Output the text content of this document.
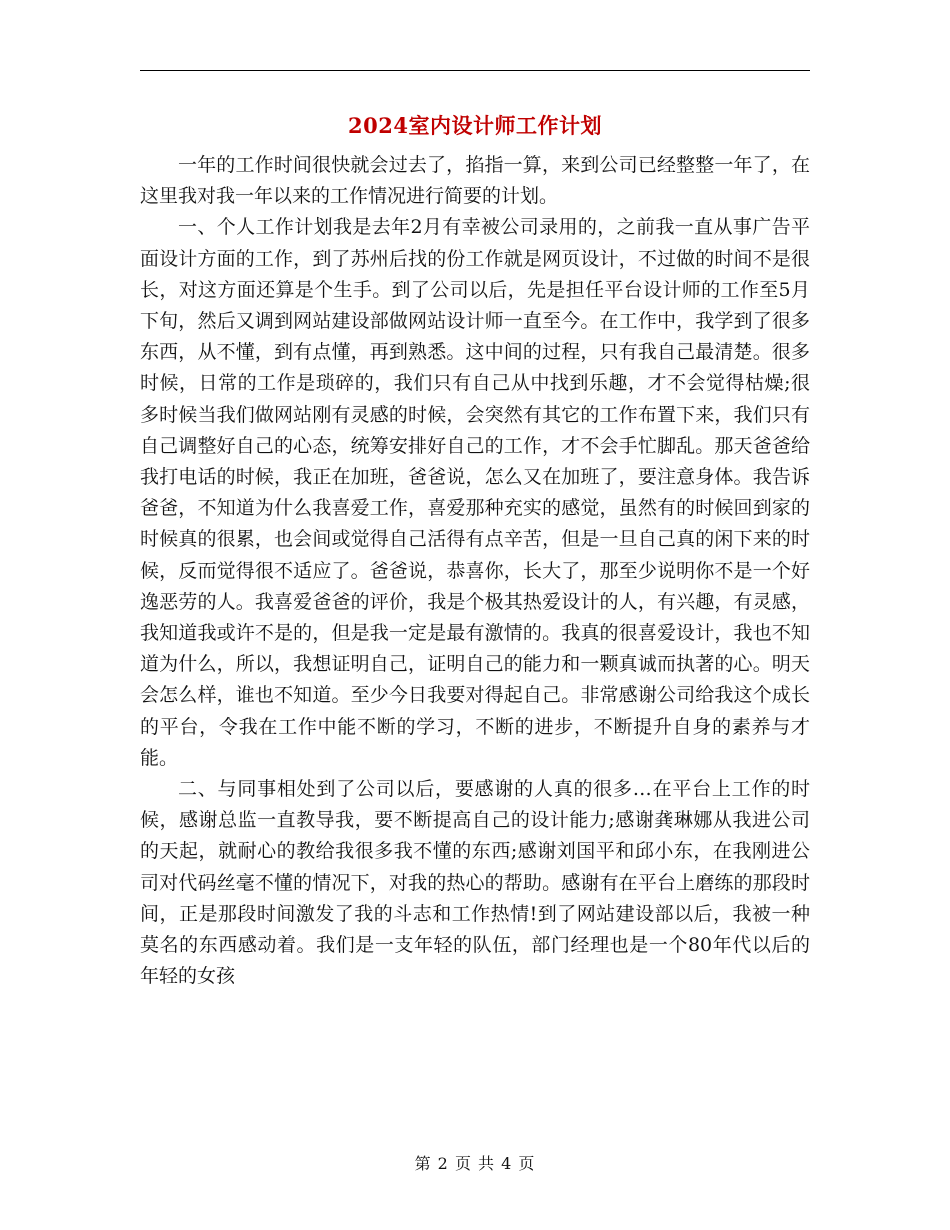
2024室内设计师工作计划

一年的工作时间很快就会过去了，掐指一算，来到公司已经整整一年了，在这里我对我一年以来的工作情况进行简要的计划。

一、个人工作计划我是去年2月有幸被公司录用的，之前我一直从事广告平面设计方面的工作，到了苏州后找的份工作就是网页设计，不过做的时间不是很长，对这方面还算是个生手。到了公司以后，先是担任平台设计师的工作至5月下旬，然后又调到网站建设部做网站设计师一直至今。在工作中，我学到了很多东西，从不懂，到有点懂，再到熟悉。这中间的过程，只有我自己最清楚。很多时候，日常的工作是琐碎的，我们只有自己从中找到乐趣，才不会觉得枯燥;很多时候当我们做网站刚有灵感的时候，会突然有其它的工作布置下来，我们只有自己调整好自己的心态，统筹安排好自己的工作，才不会手忙脚乱。那天爸爸给我打电话的时候，我正在加班，爸爸说，怎么又在加班了，要注意身体。我告诉爸爸，不知道为什么我喜爱工作，喜爱那种充实的感觉，虽然有的时候回到家的时候真的很累，也会间或觉得自己活得有点辛苦，但是一旦自己真的闲下来的时候，反而觉得很不适应了。爸爸说，恭喜你，长大了，那至少说明你不是一个好逸恶劳的人。我喜爱爸爸的评价，我是个极其热爱设计的人，有兴趣，有灵感，我知道我或许不是的，但是我一定是最有激情的。我真的很喜爱设计，我也不知道为什么，所以，我想证明自己，证明自己的能力和一颗真诚而执著的心。明天会怎么样，谁也不知道。至少今日我要对得起自己。非常感谢公司给我这个成长的平台，令我在工作中能不断的学习，不断的进步，不断提升自身的素养与才能。

二、与同事相处到了公司以后，要感谢的人真的很多…在平台上工作的时候，感谢总监一直教导我，要不断提高自己的设计能力;感谢龚琳娜从我进公司的天起，就耐心的教给我很多我不懂的东西;感谢刘国平和邱小东，在我刚进公司对代码丝毫不懂的情况下，对我的热心的帮助。感谢有在平台上磨练的那段时间，正是那段时间激发了我的斗志和工作热情!到了网站建设部以后，我被一种莫名的东西感动着。我们是一支年轻的队伍，部门经理也是一个80年代以后的年轻的女孩

第 2 页 共 4 页
